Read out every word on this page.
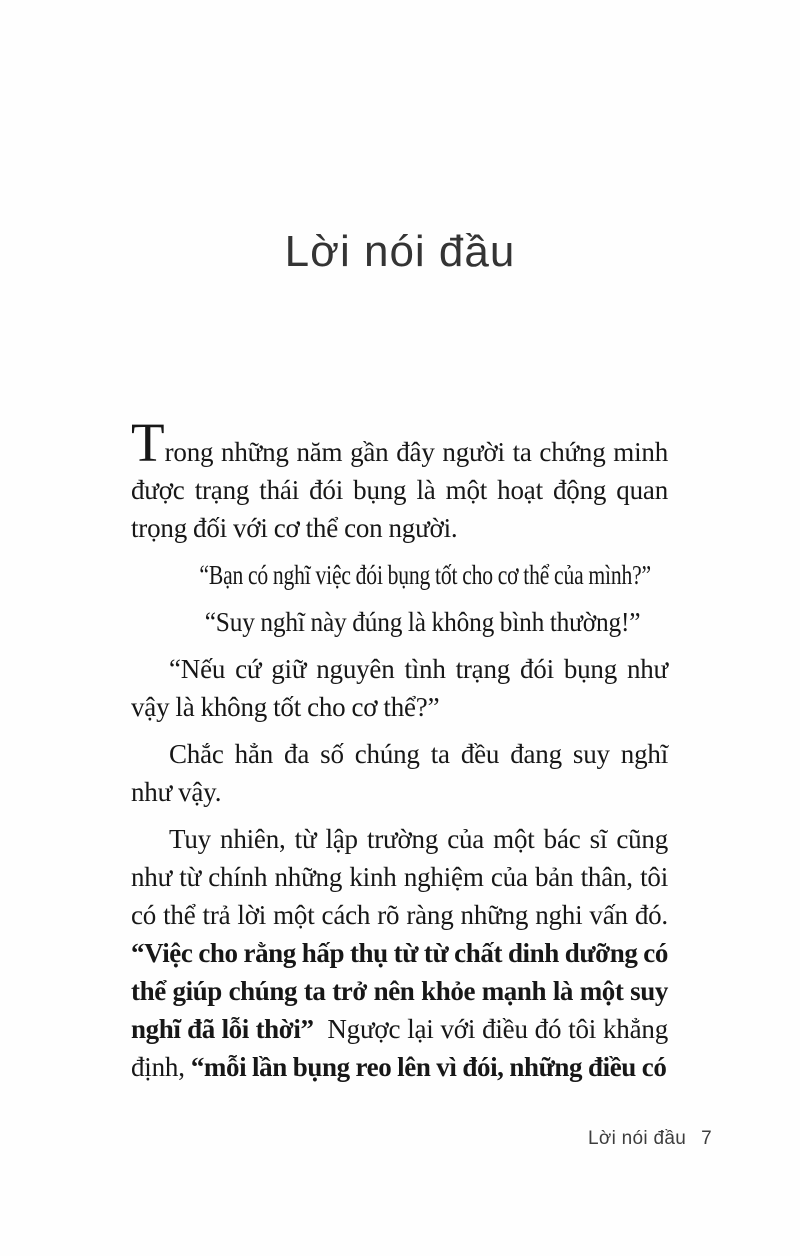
Lời nói đầu

Trong những năm gần đây người ta chứng minh được trạng thái đói bụng là một hoạt động quan trọng đối với cơ thể con người.

“Bạn có nghĩ việc đói bụng tốt cho cơ thể của mình?”

“Suy nghĩ này đúng là không bình thường!”

“Nếu cứ giữ nguyên tình trạng đói bụng như vậy là không tốt cho cơ thể?”

Chắc hẳn đa số chúng ta đều đang suy nghĩ như vậy.

Tuy nhiên, từ lập trường của một bác sĩ cũng như từ chính những kinh nghiệm của bản thân, tôi có thể trả lời một cách rõ ràng những nghi vấn đó. “Việc cho rằng hấp thụ từ từ chất dinh dưỡng có thể giúp chúng ta trở nên khỏe mạnh là một suy nghĩ đã lỗi thời”  Ngược lại với điều đó tôi khẳng định, “mỗi lần bụng reo lên vì đói, những điều có

Lời nói đầu 7
